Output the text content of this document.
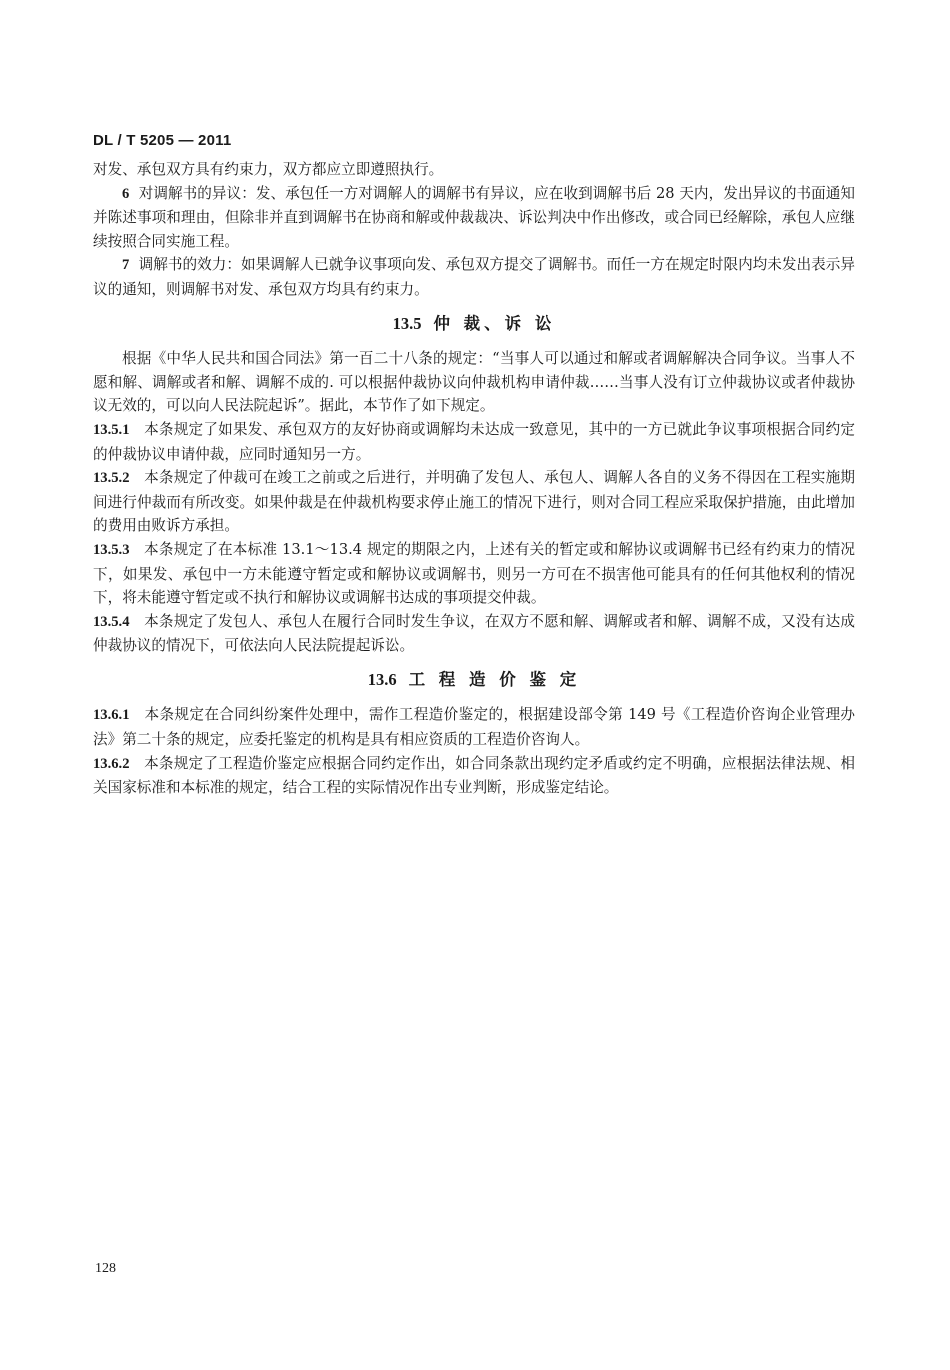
DL / T 5205 — 2011

对发、承包双方具有约束力，双方都应立即遵照执行。

6 对调解书的异议：发、承包任一方对调解人的调解书有异议，应在收到调解书后 28 天内，发出异议的书面通知并陈述事项和理由，但除非并直到调解书在协商和解或仲裁裁决、诉讼判决中作出修改，或合同已经解除，承包人应继续按照合同实施工程。

7 调解书的效力：如果调解人已就争议事项向发、承包双方提交了调解书。而任一方在规定时限内均未发出表示异议的通知，则调解书对发、承包双方均具有约束力。

13.5 仲 裁、诉 讼

根据《中华人民共和国合同法》第一百二十八条的规定：“当事人可以通过和解或者调解解决合同争议。当事人不愿和解、调解或者和解、调解不成的. 可以根据仲裁协议向仲裁机构申请仲裁……当事人没有订立仲裁协议或者仲裁协议无效的，可以向人民法院起诉”。据此，本节作了如下规定。

13.5.1 本条规定了如果发、承包双方的友好协商或调解均未达成一致意见，其中的一方已就此争议事项根据合同约定的仲裁协议申请仲裁，应同时通知另一方。

13.5.2 本条规定了仲裁可在竣工之前或之后进行，并明确了发包人、承包人、调解人各自的义务不得因在工程实施期间进行仲裁而有所改变。如果仲裁是在仲裁机构要求停止施工的情况下进行，则对合同工程应采取保护措施，由此增加的费用由败诉方承担。

13.5.3 本条规定了在本标准 13.1～13.4 规定的期限之内，上述有关的暂定或和解协议或调解书已经有约束力的情况下，如果发、承包中一方未能遵守暂定或和解协议或调解书，则另一方可在不损害他可能具有的任何其他权利的情况下，将未能遵守暂定或不执行和解协议或调解书达成的事项提交仲裁。

13.5.4 本条规定了发包人、承包人在履行合同时发生争议，在双方不愿和解、调解或者和解、调解不成，又没有达成仲裁协议的情况下，可依法向人民法院提起诉讼。

13.6 工 程 造 价 鉴 定

13.6.1 本条规定在合同纠纷案件处理中，需作工程造价鉴定的，根据建设部令第 149 号《工程造价咨询企业管理办法》第二十条的规定，应委托鉴定的机构是具有相应资质的工程造价咨询人。

13.6.2 本条规定了工程造价鉴定应根据合同约定作出，如合同条款出现约定矛盾或约定不明确，应根据法律法规、相关国家标准和本标准的规定，结合工程的实际情况作出专业判断，形成鉴定结论。

128
